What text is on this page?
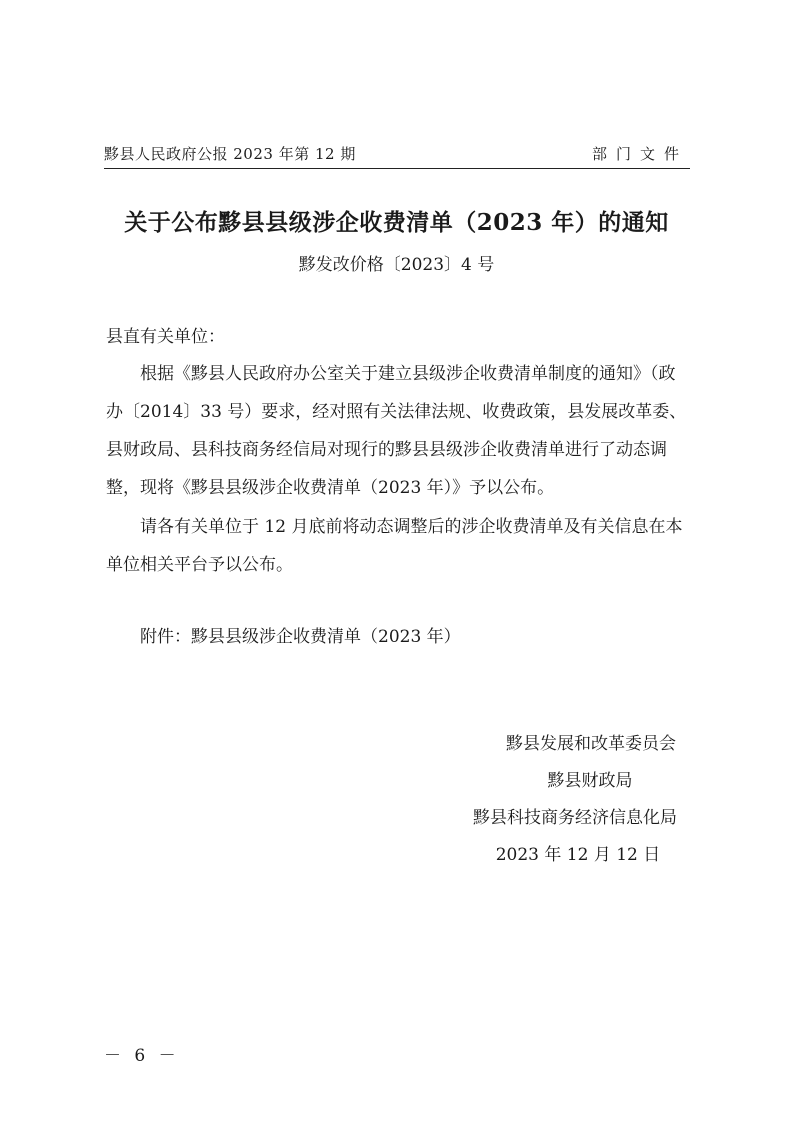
黟县人民政府公报 2023 年第 12 期	部门文件
关于公布黟县县级涉企收费清单（2023 年）的通知
黟发改价格〔2023〕4 号
县直有关单位：
根据《黟县人民政府办公室关于建立县级涉企收费清单制度的通知》（政办〔2014〕33 号）要求，经对照有关法律法规、收费政策，县发展改革委、县财政局、县科技商务经信局对现行的黟县县级涉企收费清单进行了动态调整，现将《黟县县级涉企收费清单（2023 年）》予以公布。
请各有关单位于 12 月底前将动态调整后的涉企收费清单及有关信息在本单位相关平台予以公布。
附件：黟县县级涉企收费清单（2023 年）
黟县发展和改革委员会
黟县财政局
黟县科技商务经济信息化局
2023 年 12 月 12 日
－ 6 －
